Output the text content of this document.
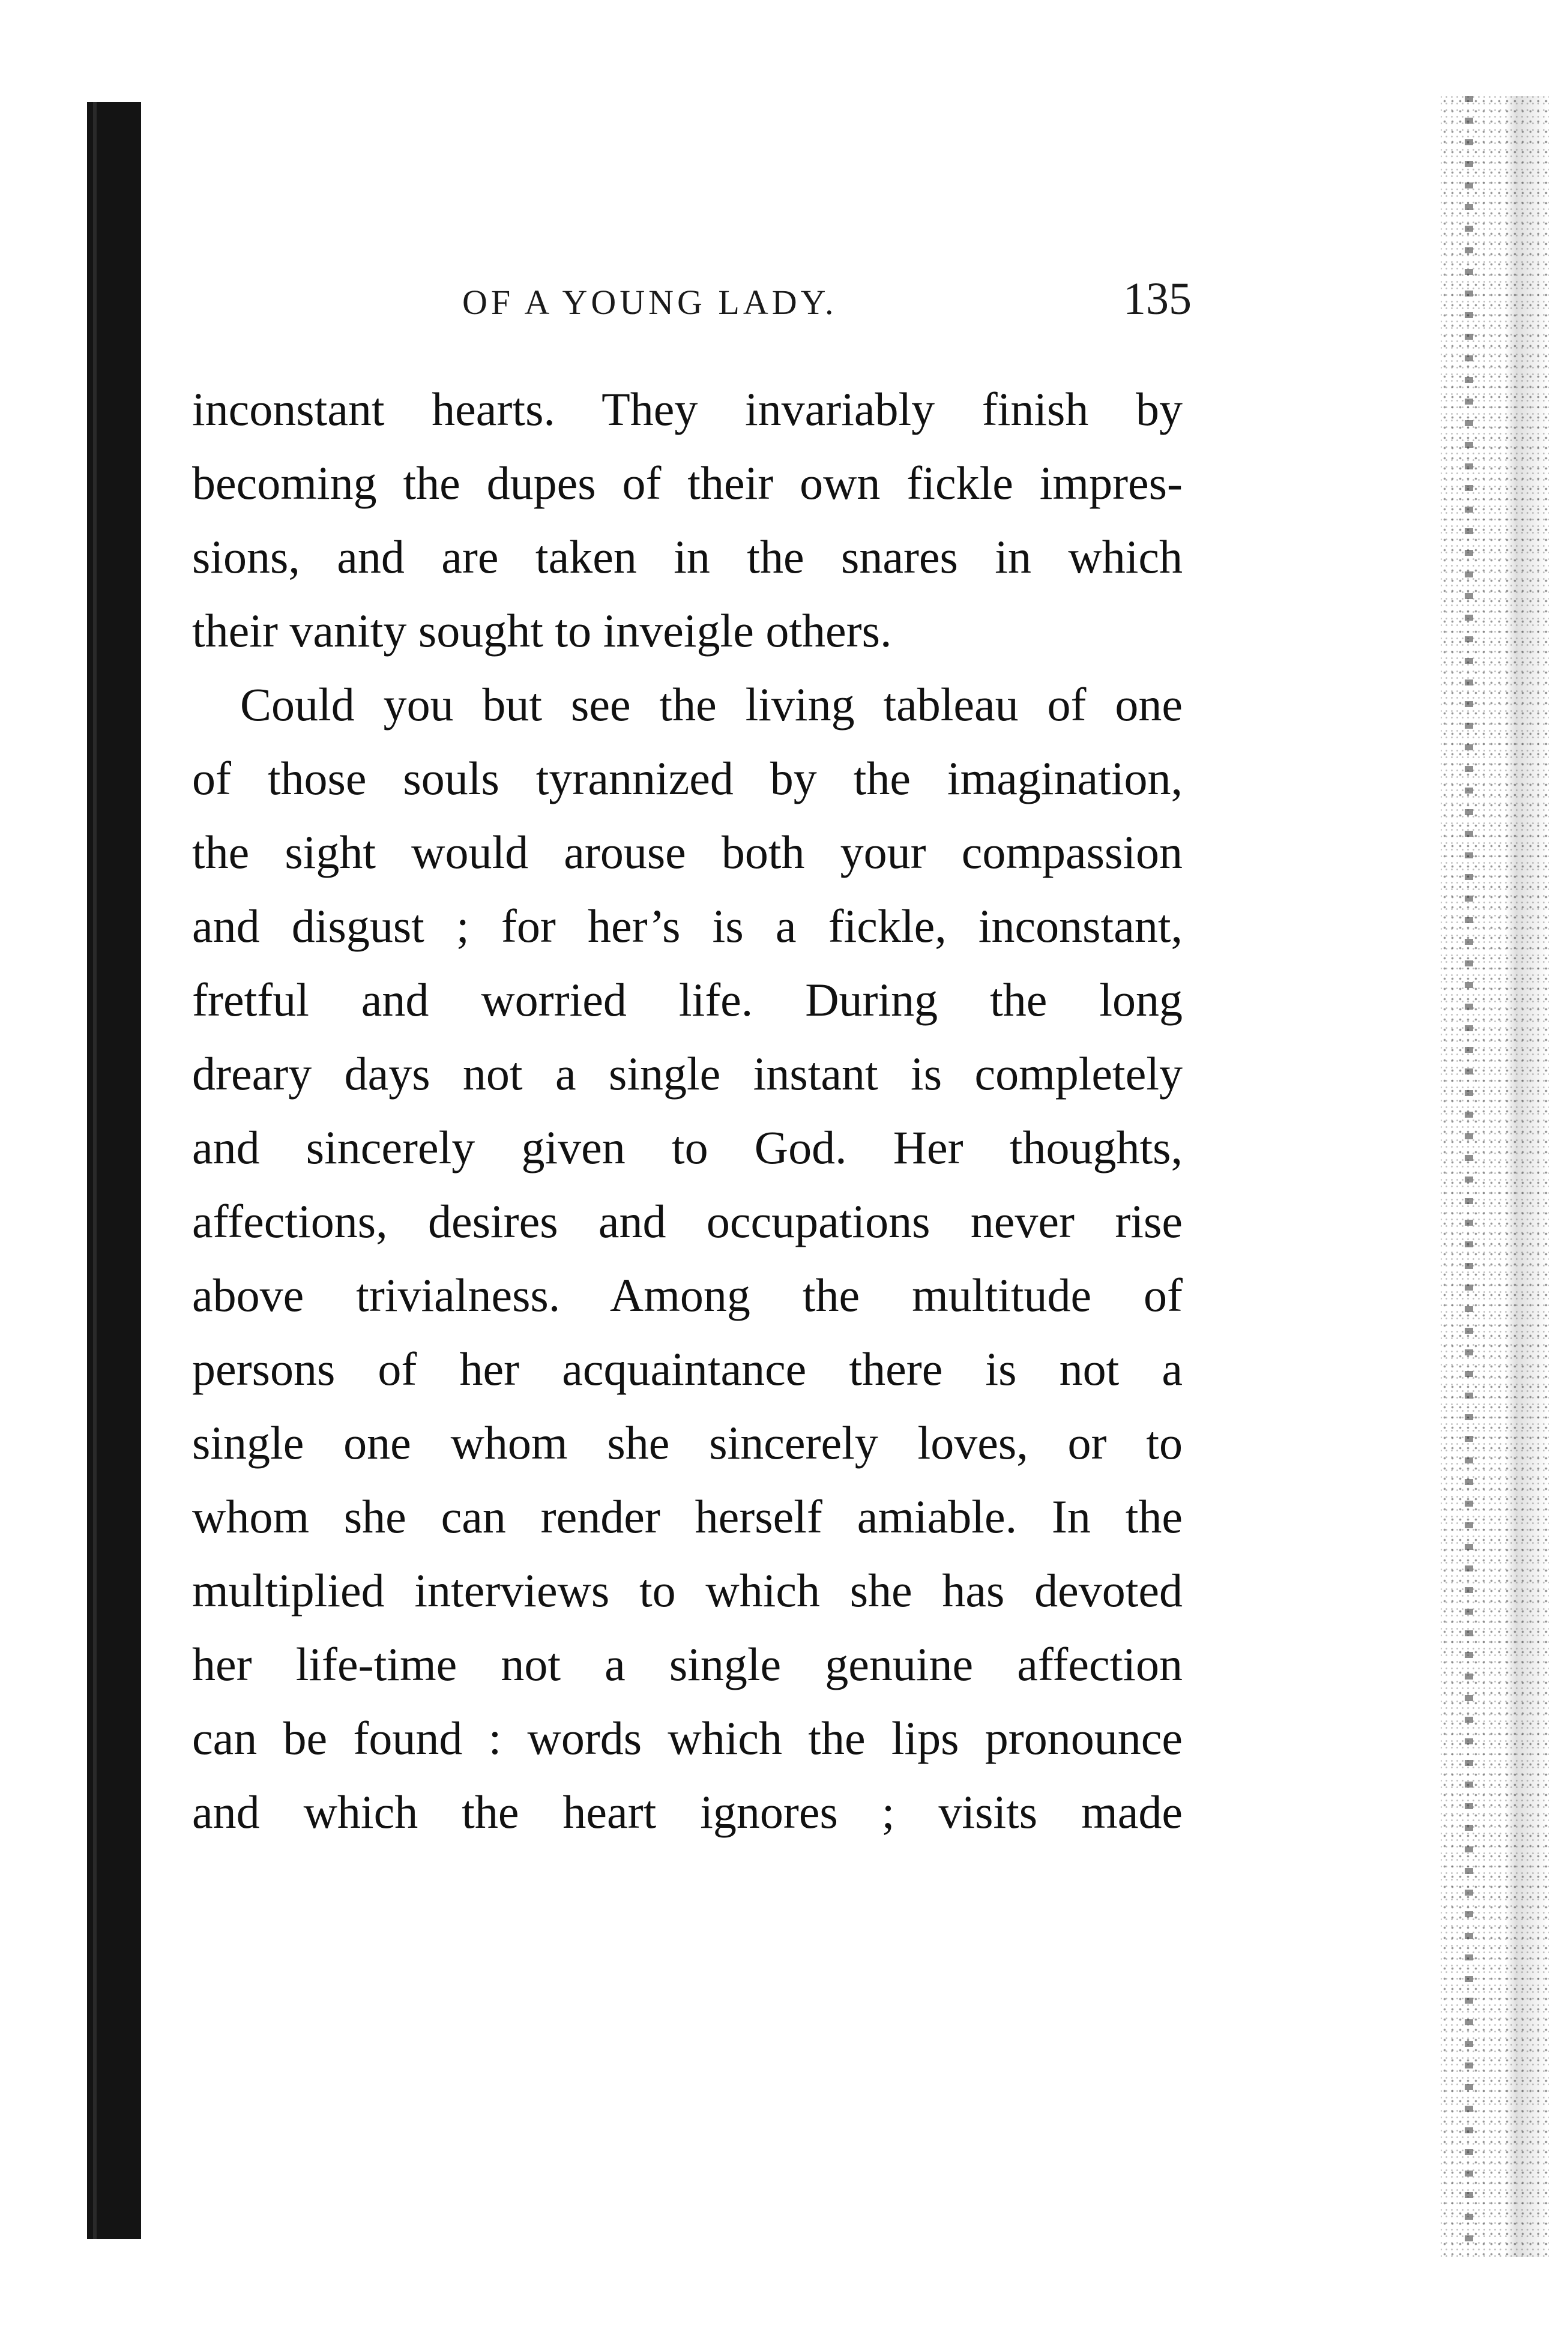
OF A YOUNG LADY.	135
inconstant hearts. They invariably finish by
becoming the dupes of their own fickle impres-
sions, and are taken in the snares in which
their vanity sought to inveigle others.
Could you but see the living tableau of one
of those souls tyrannized by the imagination,
the sight would arouse both your compassion
and disgust ; for her’s is a fickle, inconstant,
fretful and worried life. During the long
dreary days not a single instant is completely
and sincerely given to God. Her thoughts,
affections, desires and occupations never rise
above trivialness. Among the multitude of
persons of her acquaintance there is not a
single one whom she sincerely loves, or to
whom she can render herself amiable. In the
multiplied interviews to which she has devoted
her life-time not a single genuine affection
can be found : words which the lips pronounce
and which the heart ignores ; visits made
